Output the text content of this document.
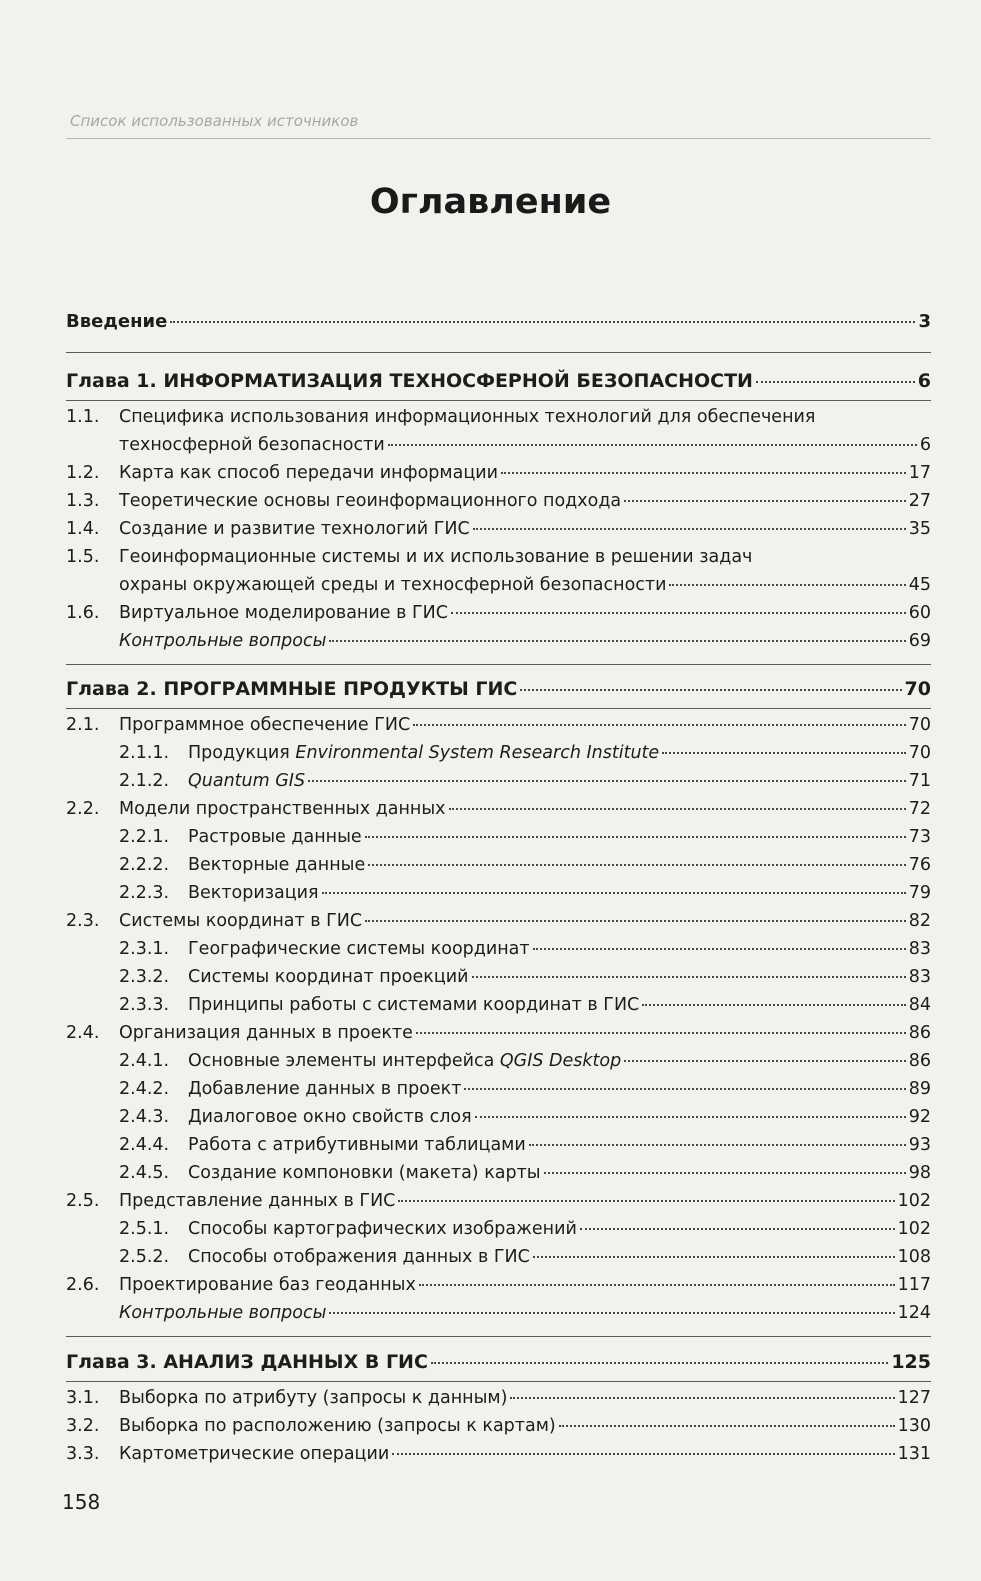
Список использованных источников
Оглавление
Введение	3
Глава 1. ИНФОРМАТИЗАЦИЯ ТЕХНОСФЕРНОЙ БЕЗОПАСНОСТИ	6
1.1. Специфика использования информационных технологий для обеспечения
техносферной безопасности	6
1.2.	Карта как способ передачи информации	17
1.3.	Теоретические основы геоинформационного подхода	27
1.4.	Создание и развитие технологий ГИС	35
1.5. Геоинформационные системы и их использование в решении задач
охраны окружающей среды и техносферной безопасности	45
1.6.	Виртуальное моделирование в ГИС	60
Контрольные вопросы	69
Глава 2. ПРОГРАММНЫЕ ПРОДУКТЫ ГИС	70
2.1.	Программное обеспечение ГИС	70
2.1.1.	Продукция Environmental System Research Institute	70
2.1.2.	Quantum GIS	71
2.2.	Модели пространственных данных	72
2.2.1.	Растровые данные	73
2.2.2.	Векторные данные	76
2.2.3.	Векторизация	79
2.3.	Системы координат в ГИС	82
2.3.1.	Географические системы координат	83
2.3.2.	Системы координат проекций	83
2.3.3.	Принципы работы с системами координат в ГИС	84
2.4.	Организация данных в проекте	86
2.4.1.	Основные элементы интерфейса QGIS Desktop	86
2.4.2.	Добавление данных в проект	89
2.4.3.	Диалоговое окно свойств слоя	92
2.4.4.	Работа с атрибутивными таблицами	93
2.4.5.	Создание компоновки (макета) карты	98
2.5.	Представление данных в ГИС	102
2.5.1.	Способы картографических изображений	102
2.5.2.	Способы отображения данных в ГИС	108
2.6.	Проектирование баз геоданных	117
Контрольные вопросы	124
Глава 3. АНАЛИЗ ДАННЫХ В ГИС	125
3.1.	Выборка по атрибуту (запросы к данным)	127
3.2.	Выборка по расположению (запросы к картам)	130
3.3.	Картометрические операции	131
158
